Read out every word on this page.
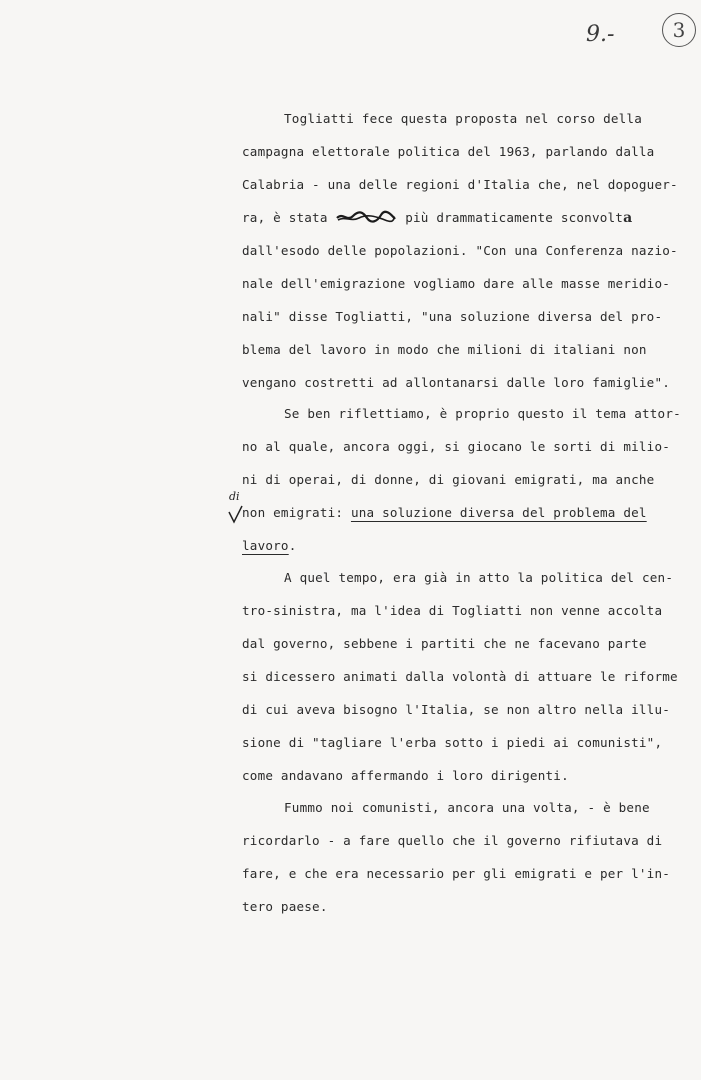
9.-	3
Togliatti fece questa proposta nel corso della
campagna elettorale politica del 1963, parlando dalla
Calabria - una delle regioni d'Italia che, nel dopoguer-
ra, è stata	più drammaticamente sconvolta
dall'esodo delle popolazioni. "Con una Conferenza nazio-
nale dell'emigrazione vogliamo dare alle masse meridio-
nali" disse Togliatti, "una soluzione diversa del pro-
blema del lavoro in modo che milioni di italiani non
vengano costretti ad allontanarsi dalle loro famiglie".
Se ben riflettiamo, è proprio questo il tema attor-
no al quale, ancora oggi, si giocano le sorti di milio-
ni di operai, di donne, di giovani emigrati, ma anche
di
non emigrati: una soluzione diversa del problema del
lavoro.
A quel tempo, era già in atto la politica del cen-
tro-sinistra, ma l'idea di Togliatti non venne accolta
dal governo, sebbene i partiti che ne facevano parte
si dicessero animati dalla volontà di attuare le riforme
di cui aveva bisogno l'Italia, se non altro nella illu-
sione di "tagliare l'erba sotto i piedi ai comunisti",
come andavano affermando i loro dirigenti.
Fummo noi comunisti, ancora una volta, - è bene
ricordarlo - a fare quello che il governo rifiutava di
fare, e che era necessario per gli emigrati e per l'in-
tero paese.
